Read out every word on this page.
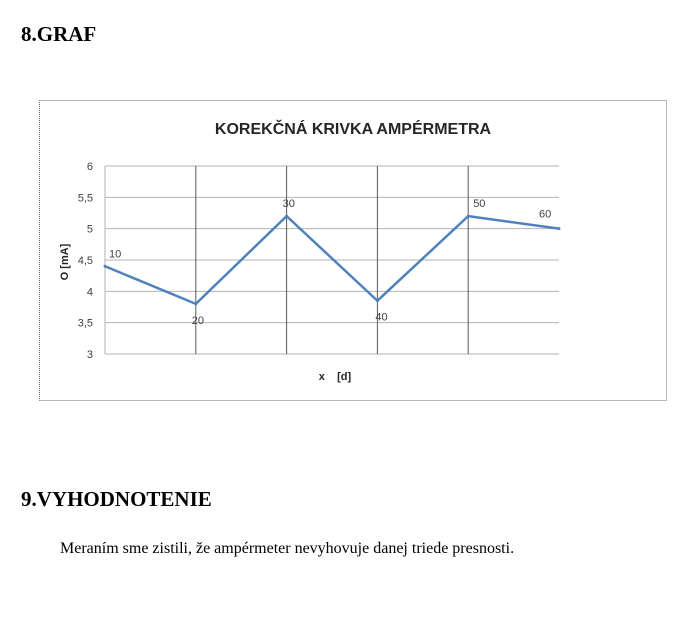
8.GRAF
KOREKČNÁ KRIVKA AMPÉRMETRA
3
3,5
4
4,5
5
5,5
6
O [mA]
x    [d]
10
20
30
40
50
60
9.VYHODNOTENIE

Meraním sme zistili, že ampérmeter nevyhovuje danej triede presnosti.
